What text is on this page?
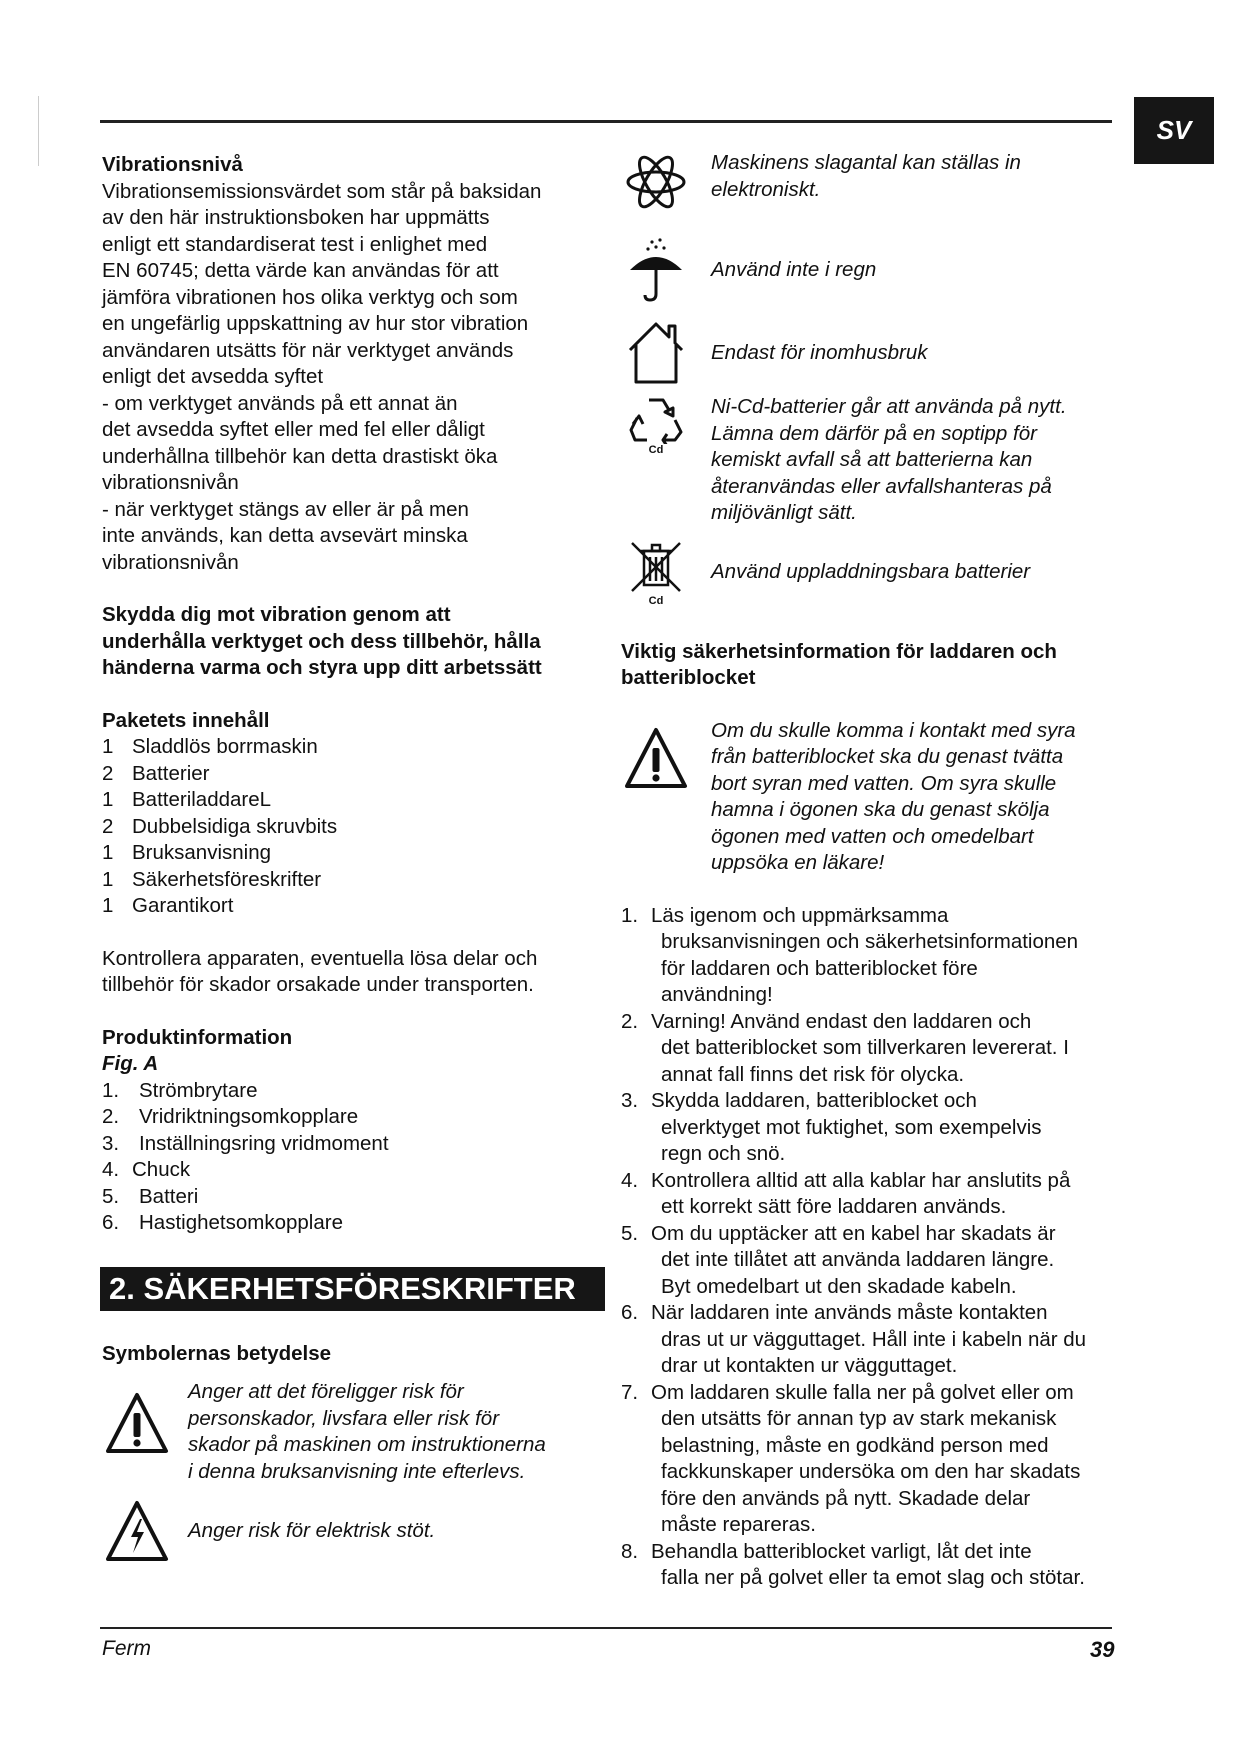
SV

Vibrationsnivå

Vibrationsemissionsvärdet som står på baksidan

av den här instruktionsboken har uppmätts

enligt ett standardiserat test i enlighet med

EN 60745; detta värde kan användas för att

jämföra vibrationen hos olika verktyg och som

en ungefärlig uppskattning av hur stor vibration

användaren utsätts för när verktyget används

enligt det avsedda syftet

- om verktyget används på ett annat än

det avsedda syftet eller med fel eller dåligt

underhållna tillbehör kan detta drastiskt öka

vibrationsnivån

- när verktyget stängs av eller är på men

inte används, kan detta avsevärt minska

vibrationsnivån

Skydda dig mot vibration genom att

underhålla verktyget och dess tillbehör, hålla

händerna varma och styra upp ditt arbetssätt

Paketets innehåll

1 Sladdlös borrmaskin
2 Batterier
1 BatteriladdareL
2 Dubbelsidiga skruvbits
1 Bruksanvisning
1 Säkerhetsföreskrifter
1 Garantikort

Kontrollera apparaten, eventuella lösa delar och

tillbehör för skador orsakade under transporten.

Produktinformation

Fig. A

1. Strömbrytare
2. Vridriktningsomkopplare
3. Inställningsring vridmoment
4. Chuck
5. Batteri
6. Hastighetsomkopplare
2. SÄKERHETSFÖRESKRIFTER

Symbolernas betydelse

Anger att det föreligger risk för

personskador, livsfara eller risk för

skador på maskinen om instruktionerna

i denna bruksanvisning inte efterlevs.

Anger risk för elektrisk stöt.

Maskinens slagantal kan ställas in

elektroniskt.

Använd inte i regn

Endast för inomhusbruk

Cd

Ni-Cd-batterier går att använda på nytt.

Lämna dem därför på en soptipp för

kemiskt avfall så att batterierna kan

återanvändas eller avfallshanteras på

miljövänligt sätt.

Cd

Använd uppladdningsbara batterier

Viktig säkerhetsinformation för laddaren och

batteriblocket

Om du skulle komma i kontakt med syra

från batteriblocket ska du genast tvätta

bort syran med vatten. Om syra skulle

hamna i ögonen ska du genast skölja

ögonen med vatten och omedelbart

uppsöka en läkare!

1. Läs igenom och uppmärksamma

bruksanvisningen och säkerhetsinformationen

för laddaren och batteriblocket före

användning!

2. Varning! Använd endast den laddaren och

det batteriblocket som tillverkaren levererat. I

annat fall finns det risk för olycka.

3. Skydda laddaren, batteriblocket och

elverktyget mot fuktighet, som exempelvis

regn och snö.

4. Kontrollera alltid att alla kablar har anslutits på

ett korrekt sätt före laddaren används.

5. Om du upptäcker att en kabel har skadats är

det inte tillåtet att använda laddaren längre.

Byt omedelbart ut den skadade kabeln.

6. När laddaren inte används måste kontakten

dras ut ur vägguttaget. Håll inte i kabeln när du

drar ut kontakten ur vägguttaget.

7. Om laddaren skulle falla ner på golvet eller om

den utsätts för annan typ av stark mekanisk

belastning, måste en godkänd person med

fackkunskaper undersöka om den har skadats

före den används på nytt. Skadade delar

måste repareras.

8. Behandla batteriblocket varligt, låt det inte

falla ner på golvet eller ta emot slag och stötar.

Ferm	39
